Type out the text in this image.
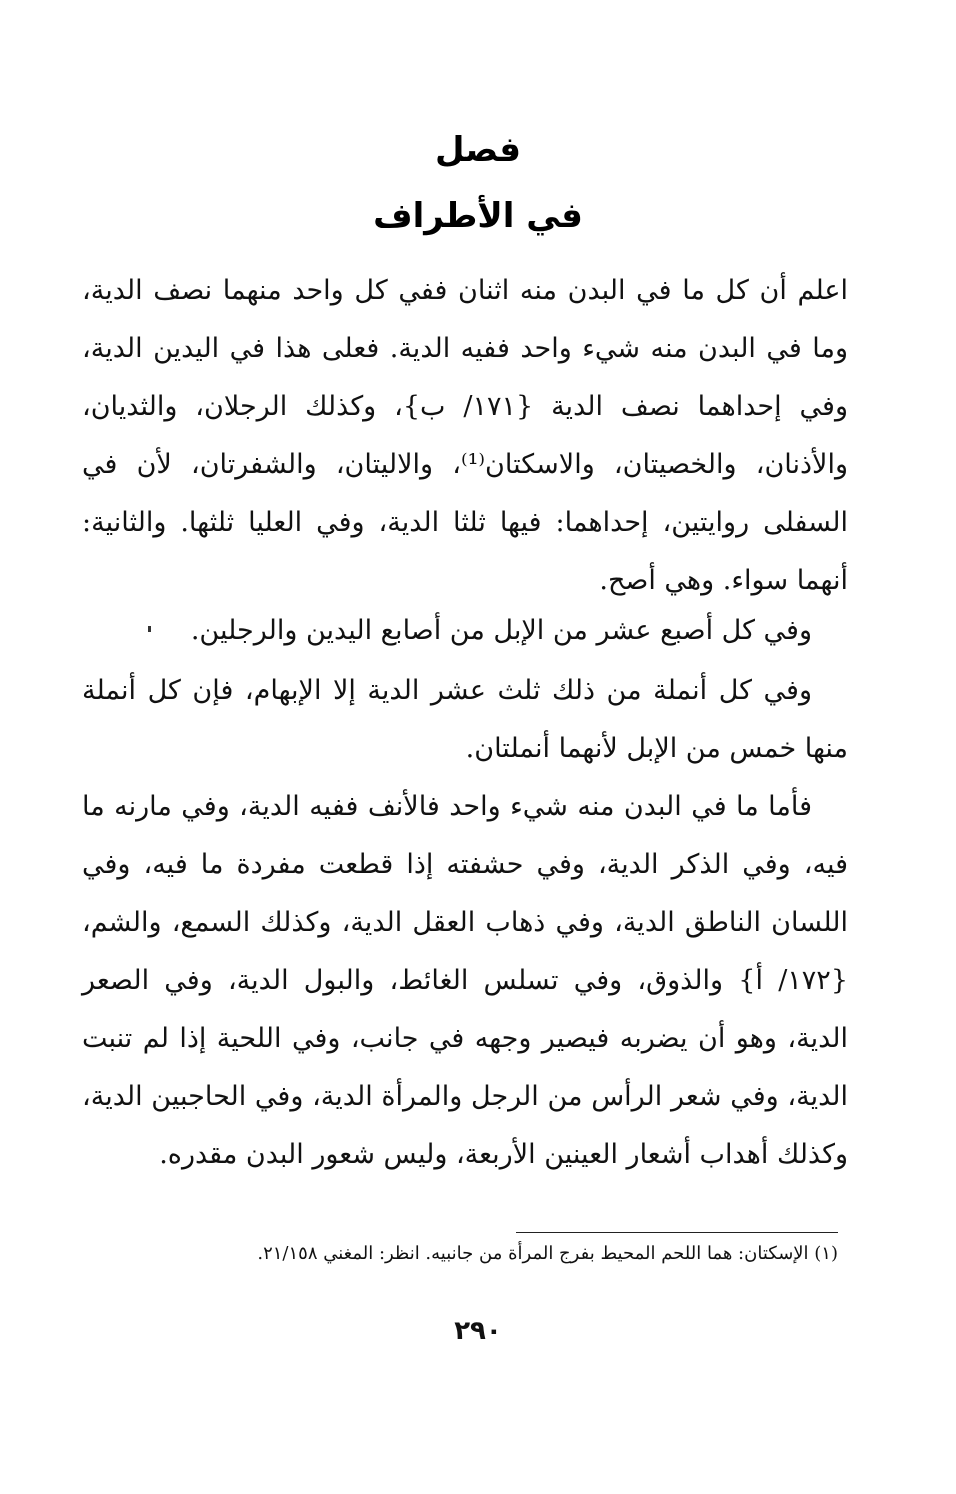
فصل
في الأطراف

اعلم أن كل ما في البدن منه اثنان ففي كل واحد منهما نصف الدية، وما في البدن منه شيء واحد ففيه الدية. فعلى هذا في اليدين الدية، وفي إحداهما نصف الدية {١٧١/ ب}، وكذلك الرجلان، والثديان، والأذنان، والخصيتان، والاسكتان⁽¹⁾، والاليتان، والشفرتان، لأن في السفلى روايتين، إحداهما: فيها ثلثا الدية، وفي العليا ثلثها. والثانية: أنهما سواء. وهي أصح.

وفي كل أصبع عشر من الإبل من أصابع اليدين والرجلين.

وفي كل أنملة من ذلك ثلث عشر الدية إلا الإبهام، فإن كل أنملة منها خمس من الإبل لأنهما أنملتان.

فأما ما في البدن منه شيء واحد فالأنف ففيه الدية، وفي مارنه ما فيه، وفي الذكر الدية، وفي حشفته إذا قطعت مفردة ما فيه، وفي اللسان الناطق الدية، وفي ذهاب العقل الدية، وكذلك السمع، والشم، {١٧٢/ أ} والذوق، وفي تسلس الغائط، والبول الدية، وفي الصعر الدية، وهو أن يضربه فيصير وجهه في جانب، وفي اللحية إذا لم تنبت الدية، وفي شعر الرأس من الرجل والمرأة الدية، وفي الحاجبين الدية، وكذلك أهداب أشعار العينين الأربعة، وليس شعور البدن مقدره.

(١) الإسكتان: هما اللحم المحيط بفرج المرأة من جانبيه. انظر: المغني ٢١/١٥٨.
٢٩٠
